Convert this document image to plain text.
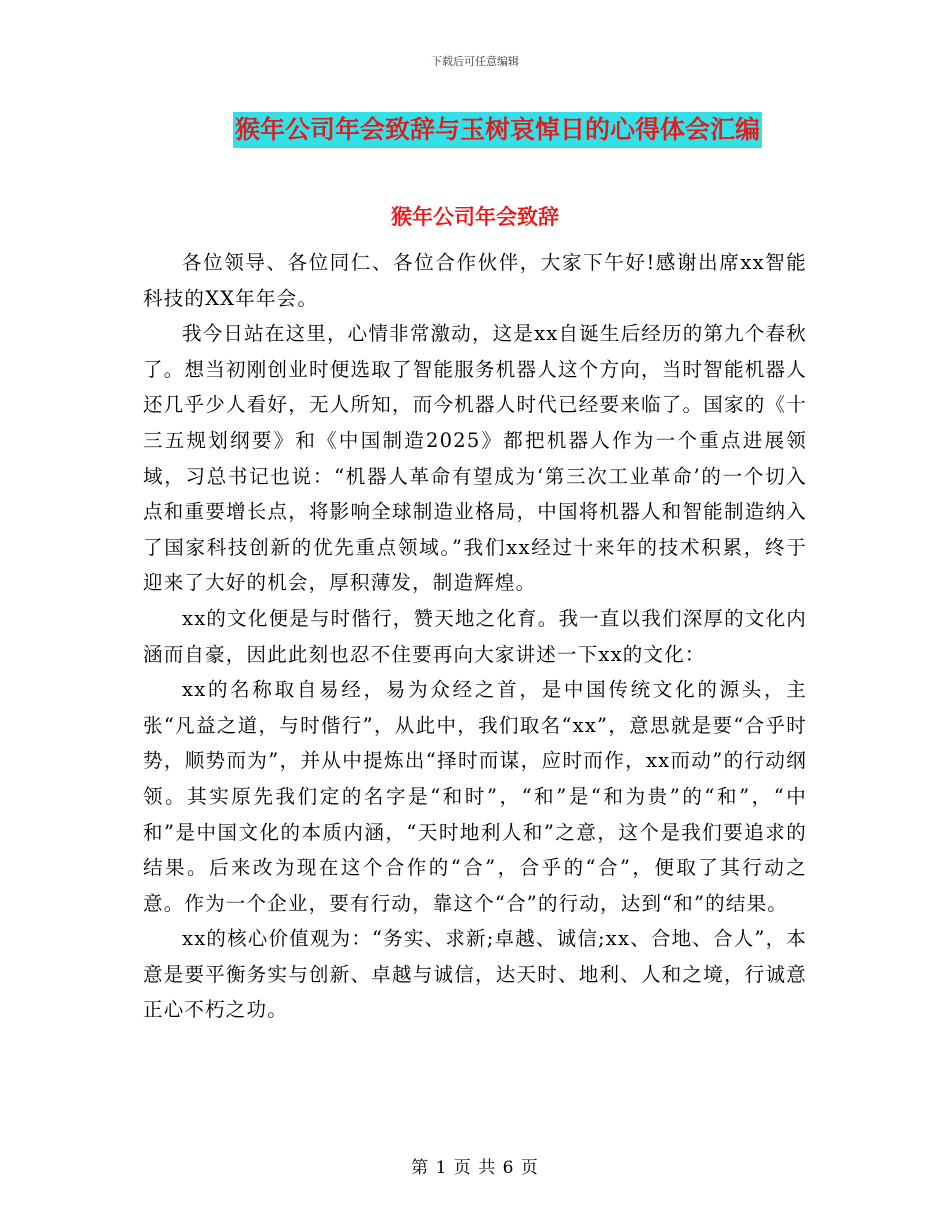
下载后可任意编辑
猴年公司年会致辞与玉树哀悼日的心得体会汇编
猴年公司年会致辞

各位领导、各位同仁、各位合作伙伴，大家下午好!感谢出席xx智能科技的XX年年会。

我今日站在这里，心情非常激动，这是xx自诞生后经历的第九个春秋了。想当初刚创业时便选取了智能服务机器人这个方向，当时智能机器人还几乎少人看好，无人所知，而今机器人时代已经要来临了。国家的《十三五规划纲要》和《中国制造2025》都把机器人作为一个重点进展领域，习总书记也说：“机器人革命有望成为‘第三次工业革命’的一个切入点和重要增长点，将影响全球制造业格局，中国将机器人和智能制造纳入了国家科技创新的优先重点领域。”我们xx经过十来年的技术积累，终于迎来了大好的机会，厚积薄发，制造辉煌。

xx的文化便是与时偕行，赞天地之化育。我一直以我们深厚的文化内涵而自豪，因此此刻也忍不住要再向大家讲述一下xx的文化：

xx的名称取自易经，易为众经之首，是中国传统文化的源头，主张“凡益之道，与时偕行”，从此中，我们取名“xx”，意思就是要“合乎时势，顺势而为”，并从中提炼出“择时而谋，应时而作，xx而动”的行动纲领。其实原先我们定的名字是“和时”，“和”是“和为贵”的“和”，“中和”是中国文化的本质内涵，“天时地利人和”之意，这个是我们要追求的结果。后来改为现在这个合作的“合”，合乎的“合”，便取了其行动之意。作为一个企业，要有行动，靠这个“合”的行动，达到“和”的结果。

xx的核心价值观为：“务实、求新;卓越、诚信;xx、合地、合人”，本意是要平衡务实与创新、卓越与诚信，达天时、地利、人和之境，行诚意正心不朽之功。

第 1 页 共 6 页
